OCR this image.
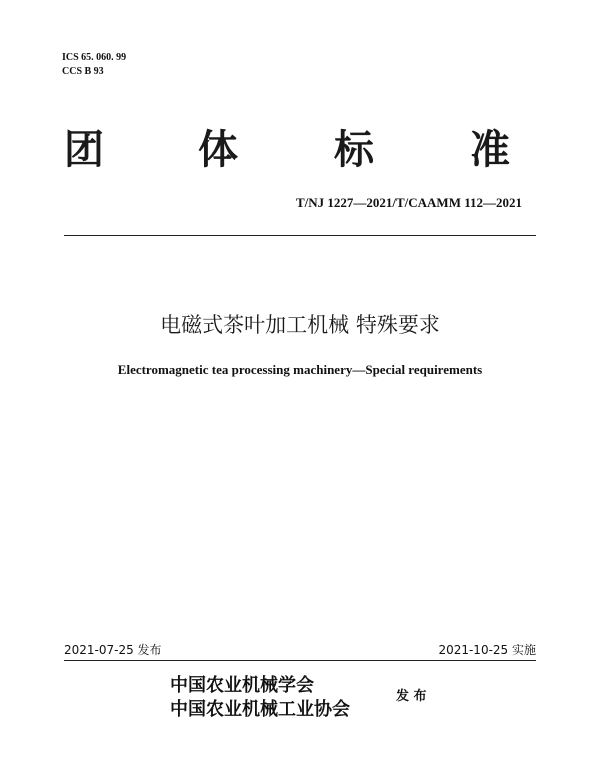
ICS 65. 060. 99
CCS B 93
团 体 标 准
T/NJ 1227—2021/T/CAAMM 112—2021
电磁式茶叶加工机械 特殊要求
Electromagnetic tea processing machinery—Special requirements
2021-07-25 发布	2021-10-25 实施
中国农业机械学会
中国农业机械工业协会
发 布
